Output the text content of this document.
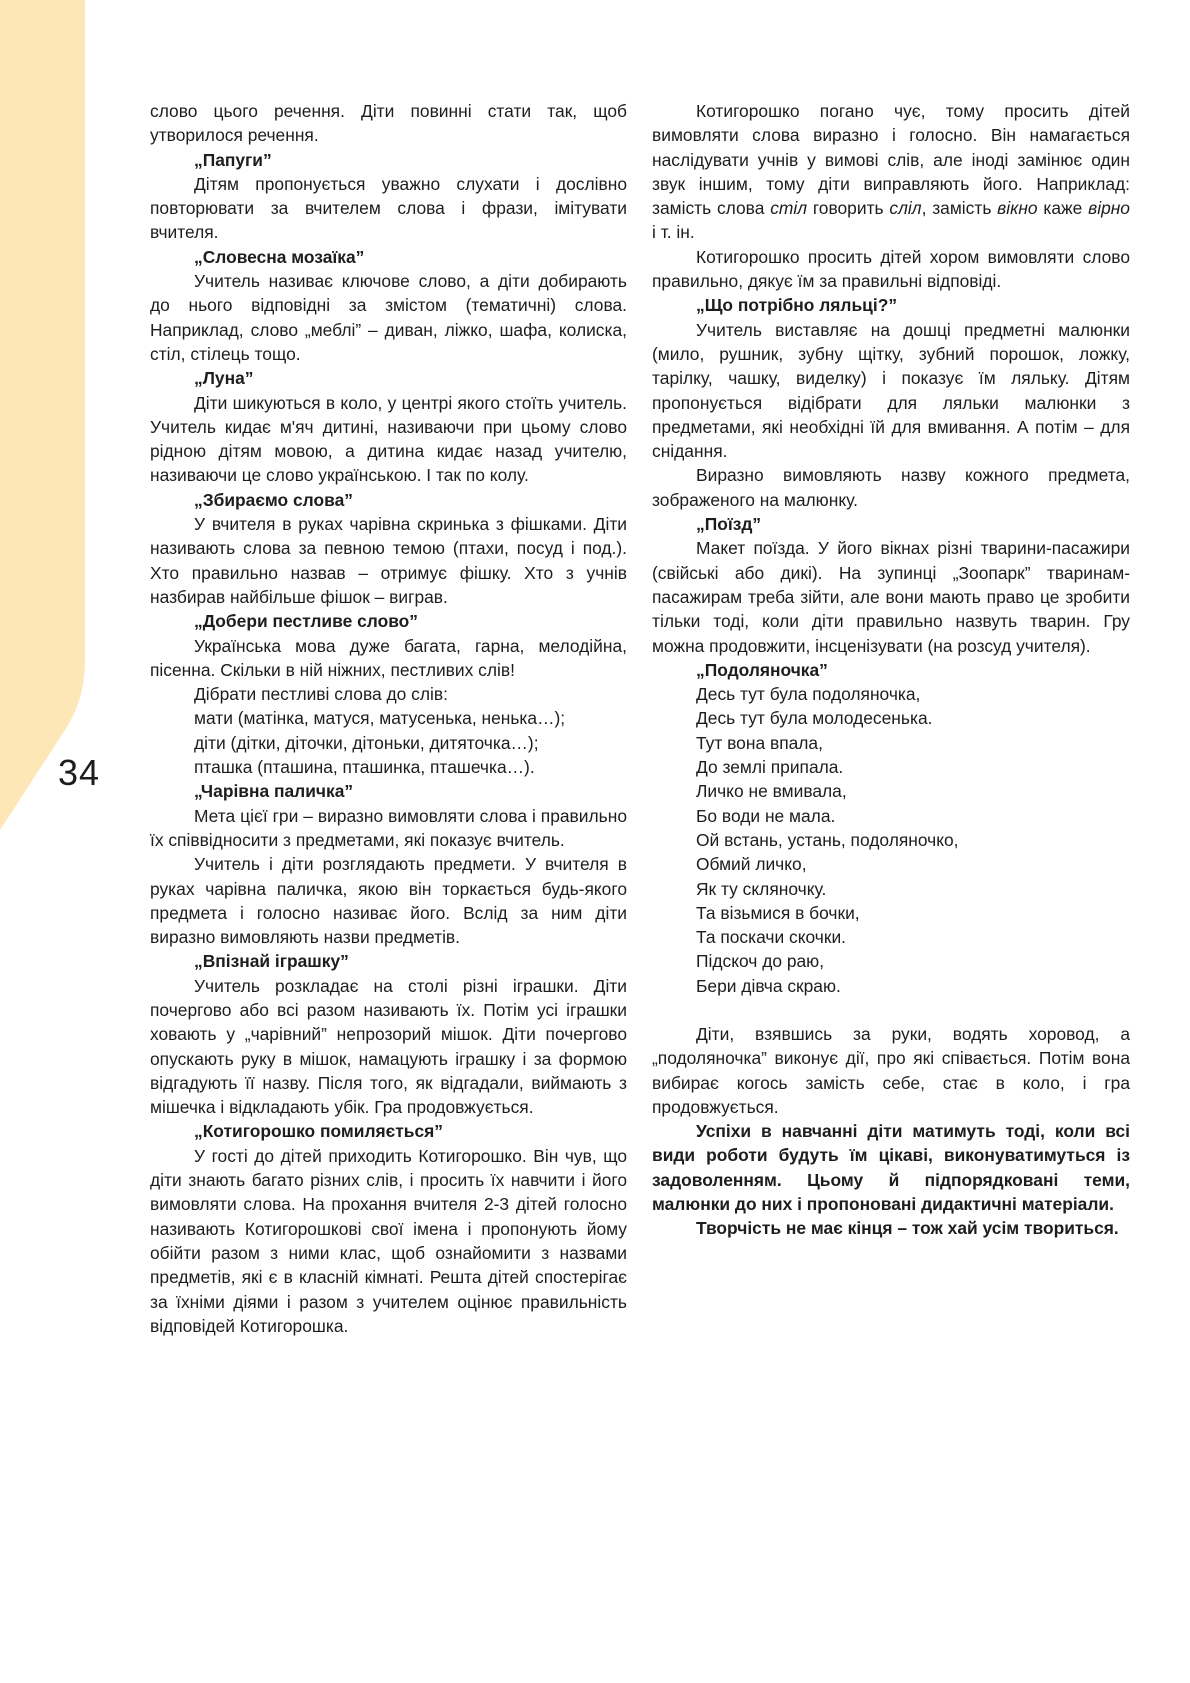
34

слово цього речення. Діти повинні стати так, щоб утворилося речення.

„Папуги”

Дітям пропонується уважно слухати і дослівно повторювати за вчителем слова і фрази, імітувати вчителя.

„Словесна мозаїка”

Учитель називає ключове слово, а діти добирають до нього відповідні за змістом (тематичні) слова. Наприклад, слово „меблі” – диван, ліжко, шафа, колиска, стіл, стілець тощо.

„Луна”

Діти шикуються в коло, у центрі якого стоїть учитель. Учитель кидає м'яч дитині, називаючи при цьому слово рідною дітям мовою, а дитина кидає назад учителю, називаючи це слово українською. І так по колу.

„Збираємо слова”

У вчителя в руках чарівна скринька з фішками. Діти називають слова за певною темою (птахи, посуд і под.). Хто правильно назвав – отримує фішку. Хто з учнів назбирав найбільше фішок – виграв.

„Добери пестливе слово”

Українська мова дуже багата, гарна, мелодійна, пісенна. Скільки в ній ніжних, пестливих слів!

Дібрати пестливі слова до слів:
мати (матінка, матуся, матусенька, ненька…);
діти (дітки, діточки, дітоньки, дитяточка…);
пташка (пташина, пташинка, пташечка…).
„Чарівна паличка”

Мета цієї гри – виразно вимовляти слова і правильно їх співвідносити з предметами, які показує вчитель.

Учитель і діти розглядають предмети. У вчителя в руках чарівна паличка, якою він торкається будь-якого предмета і голосно називає його. Вслід за ним діти виразно вимовляють назви предметів.

„Впізнай іграшку”

Учитель розкладає на столі різні іграшки. Діти почергово або всі разом називають їх. Потім усі іграшки ховають у „чарівний” непрозорий мішок. Діти почергово опускають руку в мішок, намацують іграшку і за формою відгадують її назву. Після того, як відгадали, виймають з мішечка і відкладають убік. Гра продовжується.

„Котигорошко помиляється”

У гості до дітей приходить Котигорошко. Він чув, що діти знають багато різних слів, і просить їх навчити і його вимовляти слова. На прохання вчителя 2-3 дітей голосно називають Котигорошкові свої імена і пропонують йому обійти разом з ними клас, щоб ознайомити з назвами предметів, які є в класній кімнаті. Решта дітей спостерігає за їхніми діями і разом з учителем оцінює правильність відповідей Котигорошка.

Котигорошко погано чує, тому просить дітей вимовляти слова виразно і голосно. Він намагається наслідувати учнів у вимові слів, але іноді замінює один звук іншим, тому діти виправляють його. Наприклад: замість слова стіл говорить сліл, замість вікно каже вірно і т. ін.

Котигорошко просить дітей хором вимовляти слово правильно, дякує їм за правильні відповіді.

„Що потрібно ляльці?”

Учитель виставляє на дошці предметні малюнки (мило, рушник, зубну щітку, зубний порошок, ложку, тарілку, чашку, виделку) і показує їм ляльку. Дітям пропонується відібрати для ляльки малюнки з предметами, які необхідні їй для вмивання. А потім – для снідання.

Виразно вимовляють назву кожного предмета, зображеного на малюнку.

„Поїзд”

Макет поїзда. У його вікнах різні тварини-пасажири (свійські або дикі). На зупинці „Зоопарк” тваринам-пасажирам треба зійти, але вони мають право це зробити тільки тоді, коли діти правильно назвуть тварин. Гру можна продовжити, інсценізувати (на розсуд учителя).

„Подоляночка”
Десь тут була подоляночка,
Десь тут була молодесенька.
Тут вона впала,
До землі припала.
Личко не вмивала,
Бо води не мала.
Ой встань, устань, подоляночко,
Обмий личко,
Як ту скляночку.
Та візьмися в бочки,
Та поскачи скочки.
Підскоч до раю,
Бери дівча скраю.

Діти, взявшись за руки, водять хоровод, а „подоляночка” виконує дії, про які співається. Потім вона вибирає когось замість себе, стає в коло, і гра продовжується.

Успіхи в навчанні діти матимуть тоді, коли всі види роботи будуть їм цікаві, виконуватимуться із задоволенням. Цьому й підпорядковані теми, малюнки до них і пропоновані дидактичні матеріали.

Творчість не має кінця – тож хай усім твориться.
